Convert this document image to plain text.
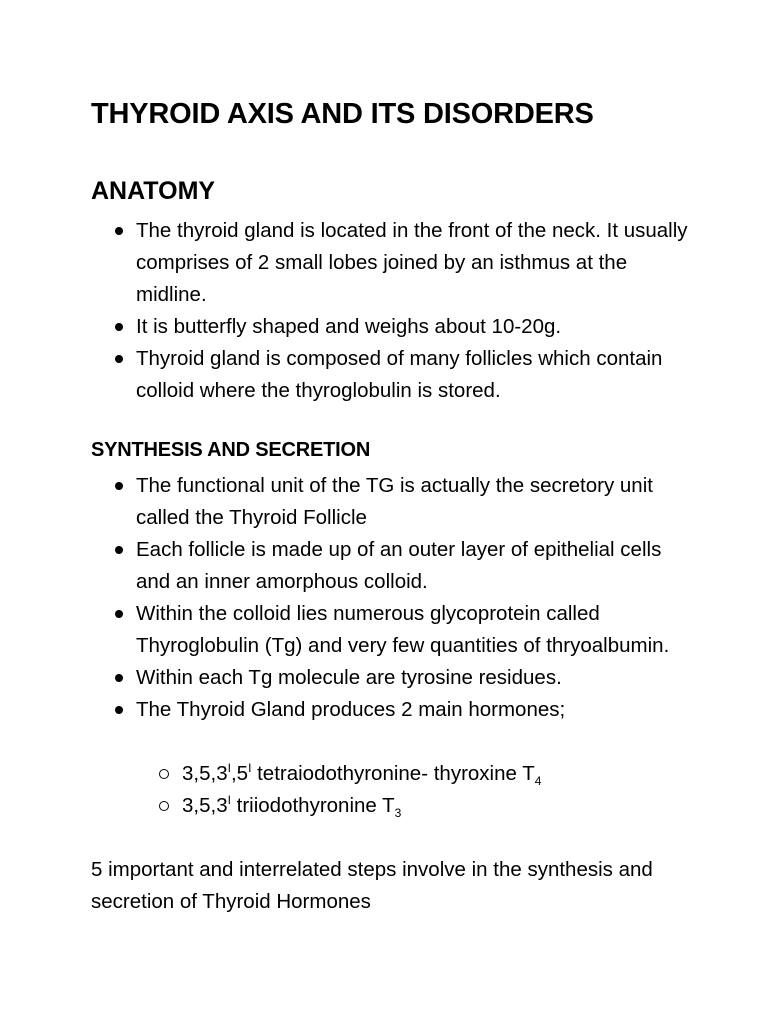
THYROID AXIS AND ITS DISORDERS
ANATOMY
The thyroid gland is located in the front of the neck. It usually comprises of 2 small lobes joined by an isthmus at the midline.
It is butterfly shaped and weighs about 10-20g.
Thyroid gland is composed of many follicles which contain colloid where the thyroglobulin is stored.
SYNTHESIS AND SECRETION
The functional unit of the TG is actually the secretory unit called the Thyroid Follicle
Each follicle is made up of an outer layer of epithelial cells and an inner amorphous colloid.
Within the colloid lies numerous glycoprotein called Thyroglobulin (Tg) and very few quantities of thryoalbumin.
Within each Tg molecule are tyrosine residues.
The Thyroid Gland produces 2 main hormones;
$3,5,3^I,5^I$ tetraiodothyronine- thyroxine $T_4$
$3,5,3^I$ triiodothyronine $T_3$

5 important and interrelated steps involve in the synthesis and secretion of Thyroid Hormones
